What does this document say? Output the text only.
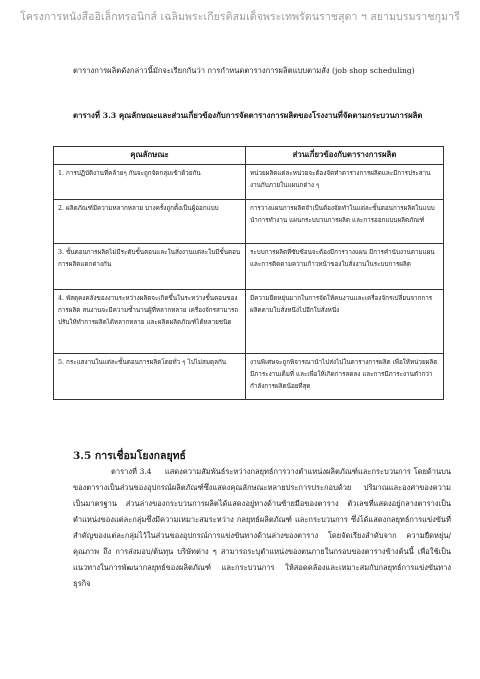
โครงการหนังสืออิเล็กทรอนิกส์ เฉลิมพระเกียรติสมเด็จพระเทพรัตนราชสุดา ฯ สยามบรมราชกุมารี
ตารางการผลิตดังกล่าวนี้มักจะเรียกกันว่า การกำหนดตารางการผลิตแบบตามสั่ง (job shop scheduling)
ตารางที่ 3.3 คุณลักษณะและส่วนเกี่ยวข้องกับการจัดตารางการผลิตของโรงงานที่จัดตามกระบวนการผลิต
คุณลักษณะ	ส่วนเกี่ยวข้องกับตารางการผลิต
1. การปฏิบัติงานที่คล้ายๆ กันจะถูกจัดกลุ่มเข้าด้วยกัน	หน่วยผลิตแต่ละหน่วยจะต้องจัดทำตารางการผลิตและมีการประสานงานกับภายในแผนกต่าง ๆ
2. ผลิตภัณฑ์มีความหลากหลาย บางครั้งถูกตั้งเป็นผู้ออกแบบ	การวางแผนการผลิตจำเป็นต้องจัดทำในแต่ละขั้นตอนการผลิตในแบบนำการทำงาน แผนกระบบวนการผลิต และการออกแบบผลิตภัณฑ์
3. ขั้นตอนการผลิตไม่มีระดับขั้นตอนและในสั่งงานแต่ละใบมีขั้นตอนการผลิตแตกต่างกัน	ระบบการผลิตที่ซับซ้อนจะต้องมีการวางแผน มีการคำนับงานตามแผนและการติดตามความก้าวหน้าของใบสั่งงานในระบบการผลิต
4. พัสดุคงคลังของงานระหว่างผลิตจะเกิดขึ้นในระหว่างขั้นตอนของการผลิต สนงานจะมีความซ้ำนานผู้ที่หลากหลาย เครื่องจักรสามารถปรับให้ทำการผลิตได้หลากหลาย และผลิตผลิตภัณฑ์ได้หลายชนิด	มีความยืดหยุ่นมากในการจัดให้คนงานและเครื่องจักรเปลี่ยนจากการผลิตตามใบสั่งหนึ่งไปอีกใบสั่งหนึ่ง
5. กระแสงานในแต่ละขั้นตอนการผลิตโดยทั่ว ๆ ไปไม่สมดุลกัน	งานพิเศษจะถูกพิจารณานำไปส่งไปในตารางการผลิต เพื่อให้หน่วยผลิตมีภาระงานเต็มที่ และเพื่อให้เกิดการลดลง และการมีภาระงานตำกว่ากำลังการผลิตน้อยที่สุด
3.5 การเชื่อมโยงกลยุทธ์
ตารางที่ 3.4 แสดงความสัมพันธ์ระหว่างกลยุทธ์การวางตำแหน่งผลิตภัณฑ์และกระบวนการ โดยด้านบนของตารางเป็นส่วนของอุปกรณ์ผลิตภัณฑ์ซึ่งแสดงคุณลักษณะหลายประการประกอบด้วย ปริมาณและองศาของความเป็นมาตรฐาน ส่วนล่างของกระบวนการผลิตได้แสดงอยู่ทางด้านซ้ายมือของตาราง ตัวเลขที่แสดงอยู่กลางตารางเป็นตำแหน่งของแต่ละกลุ่มซึ่งมีความเหมาะสมระหว่าง กลยุทธ์ผลิตภัณฑ์ และกระบวนการ ซึ่งได้แสดงกลยุทธ์การแข่งขันที่สำคัญของแต่ละกลุ่มไว้ในส่วนของอุปกรณ์การแข่งขันทางด้านล่างของตาราง โดยจัดเรียงลำดับจาก ความยืดหยุ่น/คุณภาพ ถึง การส่งมอบ/ต้นทุน บริษัทต่าง ๆ สามารถระบุตำแหน่งของตนภายในกรอบของตารางข้างต้นนี้ เพื่อใช้เป็นแนวทางในการพัฒนากลยุทธ์ของผลิตภัณฑ์ และกระบวนการ ให้สอดคล้องและเหมาะสมกับกลยุทธ์การแข่งขันทางธุรกิจ
